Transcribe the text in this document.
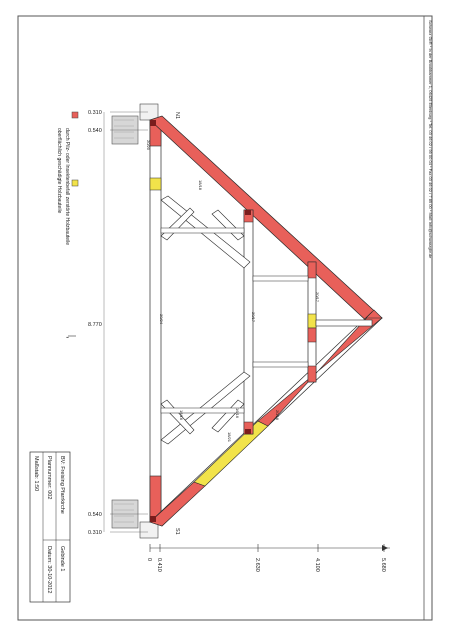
Schwarz GbR * In der Brookkammer 1, 06425 Ellenburg * Tel. 03 46 02 / 99 00 04 * Fax 03 46 02 / 7 89 00 * Mail: info@schwarzgbr.de
durch Pilz- oder Insektenbefall zerstörte Holzbauteile
oberflächlich geschädigte Holzbauteile
N1
S1
0.310
0.540
0.540
0.310
8.770
-
20/20
18/18
20/24	20/17
20/17
16/16	16/16
18/21
20/18
0 0.410	2.630	4.100	5.680
BV: Freising Pfarrkirche
Gebinde 1
Plannummer: 002
Datum: 30-10-2012
Maßstab: 1:50
